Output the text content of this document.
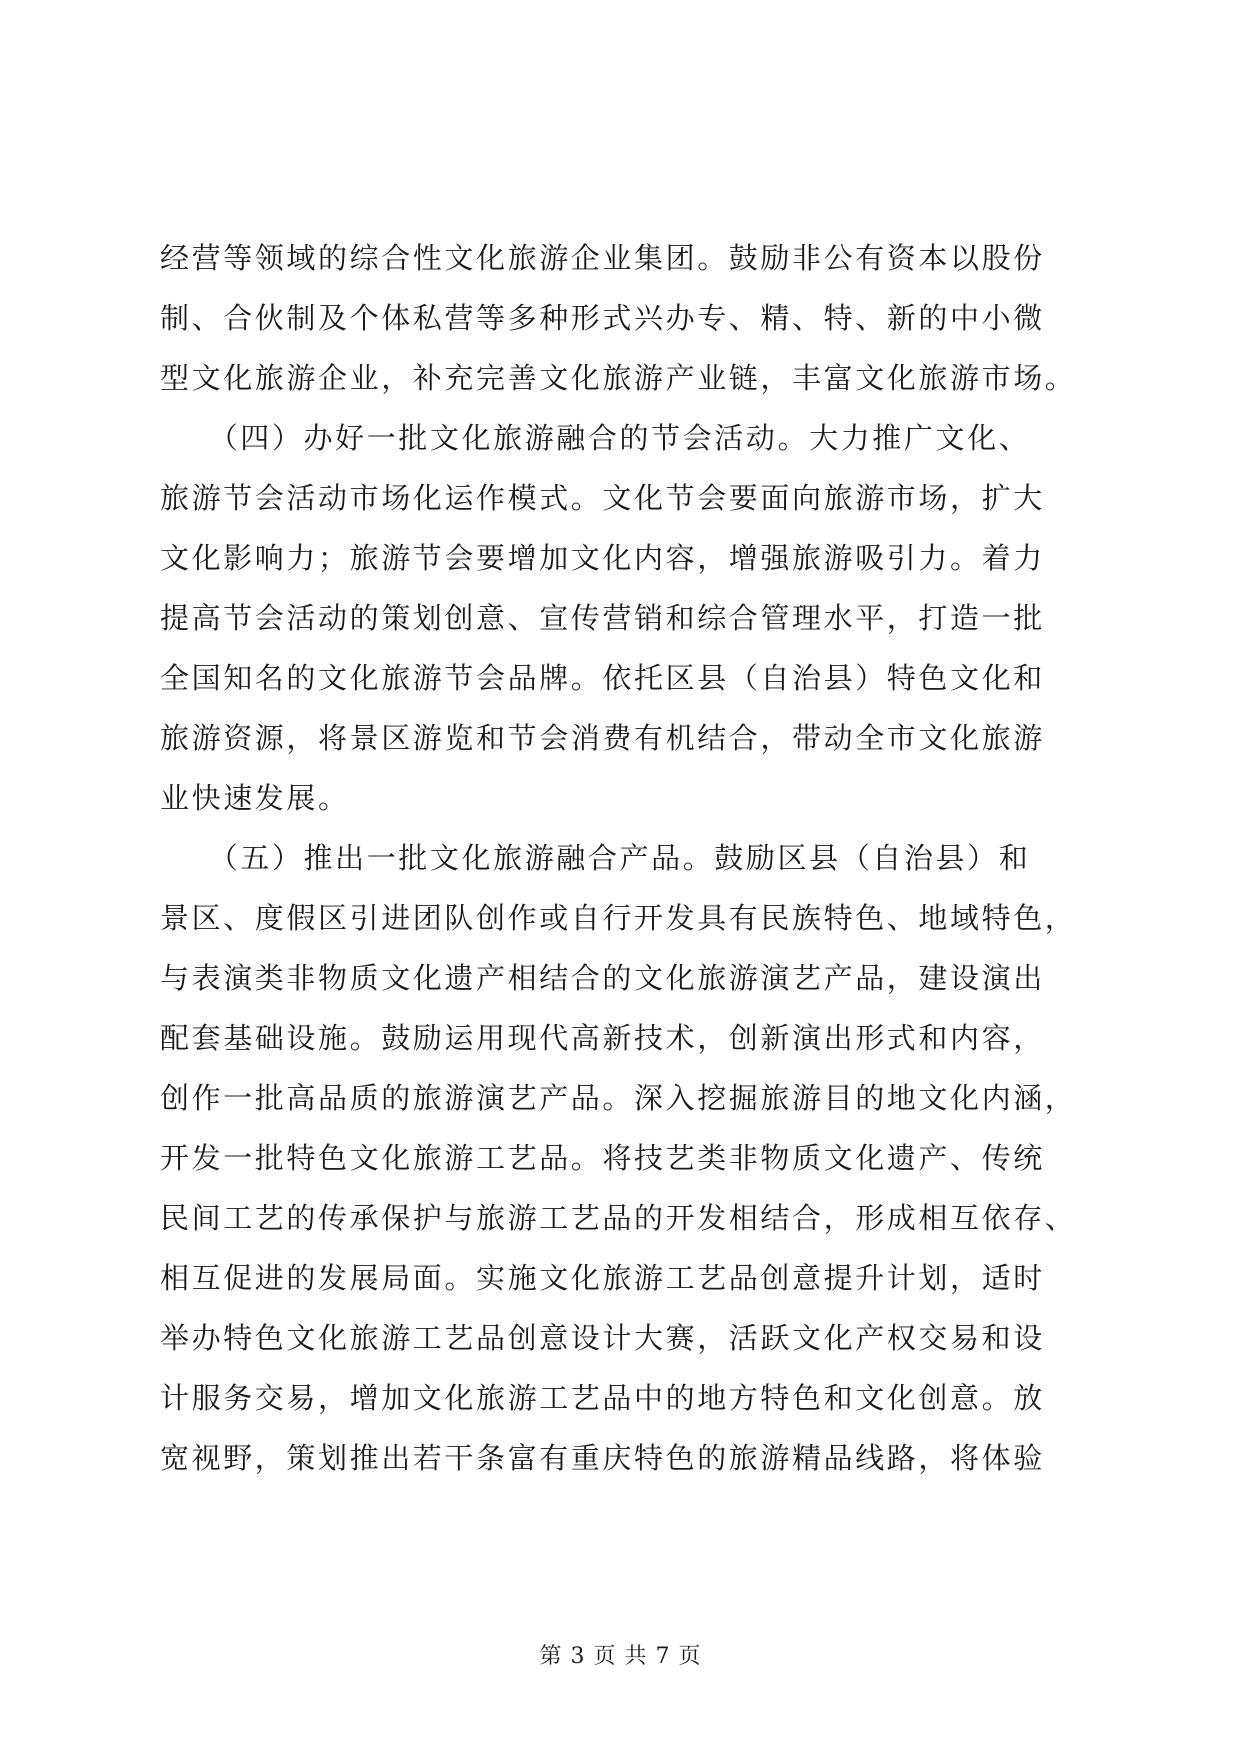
经营等领域的综合性文化旅游企业集团。鼓励非公有资本以股份
制、合伙制及个体私营等多种形式兴办专、精、特、新的中小微
型文化旅游企业，补充完善文化旅游产业链，丰富文化旅游市场。
　　（四）办好一批文化旅游融合的节会活动。大力推广文化、
旅游节会活动市场化运作模式。文化节会要面向旅游市场，扩大
文化影响力；旅游节会要增加文化内容，增强旅游吸引力。着力
提高节会活动的策划创意、宣传营销和综合管理水平，打造一批
全国知名的文化旅游节会品牌。依托区县（自治县）特色文化和
旅游资源，将景区游览和节会消费有机结合，带动全市文化旅游
业快速发展。
　　（五）推出一批文化旅游融合产品。鼓励区县（自治县）和
景区、度假区引进团队创作或自行开发具有民族特色、地域特色，
与表演类非物质文化遗产相结合的文化旅游演艺产品，建设演出
配套基础设施。鼓励运用现代高新技术，创新演出形式和内容，
创作一批高品质的旅游演艺产品。深入挖掘旅游目的地文化内涵，
开发一批特色文化旅游工艺品。将技艺类非物质文化遗产、传统
民间工艺的传承保护与旅游工艺品的开发相结合，形成相互依存、
相互促进的发展局面。实施文化旅游工艺品创意提升计划，适时
举办特色文化旅游工艺品创意设计大赛，活跃文化产权交易和设
计服务交易，增加文化旅游工艺品中的地方特色和文化创意。放
宽视野，策划推出若干条富有重庆特色的旅游精品线路，将体验
第 3 页 共 7 页
